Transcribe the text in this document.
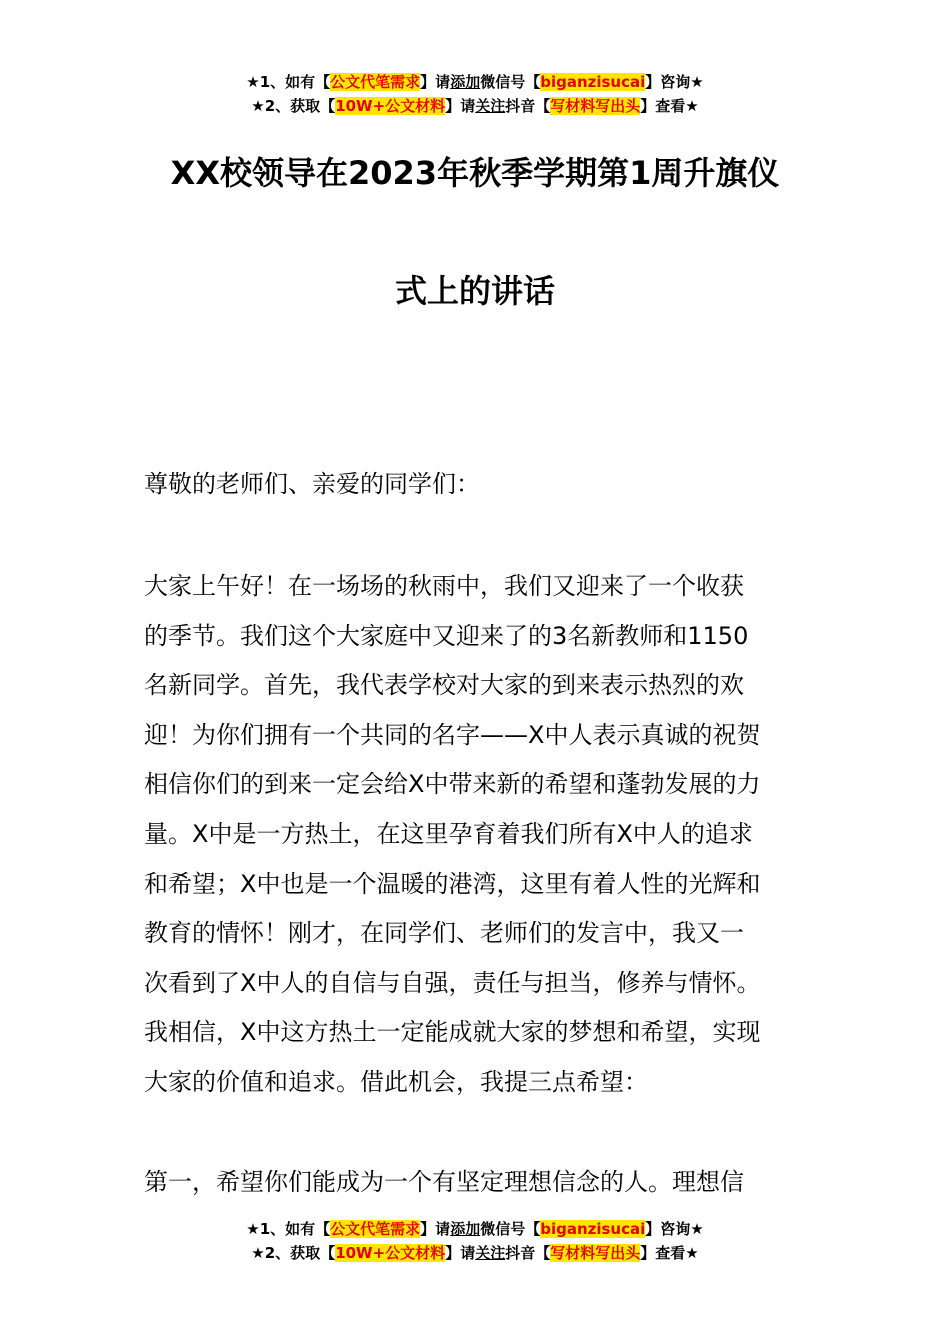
★1、如有【公文代笔需求】请添加微信号【biganzisucai】咨询★
★2、获取【10W+公文材料】请关注抖音【写材料写出头】查看★
XX校领导在2023年秋季学期第1周升旗仪
式上的讲话
尊敬的老师们、亲爱的同学们：
大家上午好！在一场场的秋雨中，我们又迎来了一个收获
的季节。我们这个大家庭中又迎来了的3名新教师和1150
名新同学。首先，我代表学校对大家的到来表示热烈的欢
迎！为你们拥有一个共同的名字——X中人表示真诚的祝贺
相信你们的到来一定会给X中带来新的希望和蓬勃发展的力
量。X中是一方热土，在这里孕育着我们所有X中人的追求
和希望；X中也是一个温暖的港湾，这里有着人性的光辉和
教育的情怀！刚才，在同学们、老师们的发言中，我又一
次看到了X中人的自信与自强，责任与担当，修养与情怀。
我相信，X中这方热土一定能成就大家的梦想和希望，实现
大家的价值和追求。借此机会，我提三点希望：
第一，希望你们能成为一个有坚定理想信念的人。理想信
★1、如有【公文代笔需求】请添加微信号【biganzisucai】咨询★
★2、获取【10W+公文材料】请关注抖音【写材料写出头】查看★
